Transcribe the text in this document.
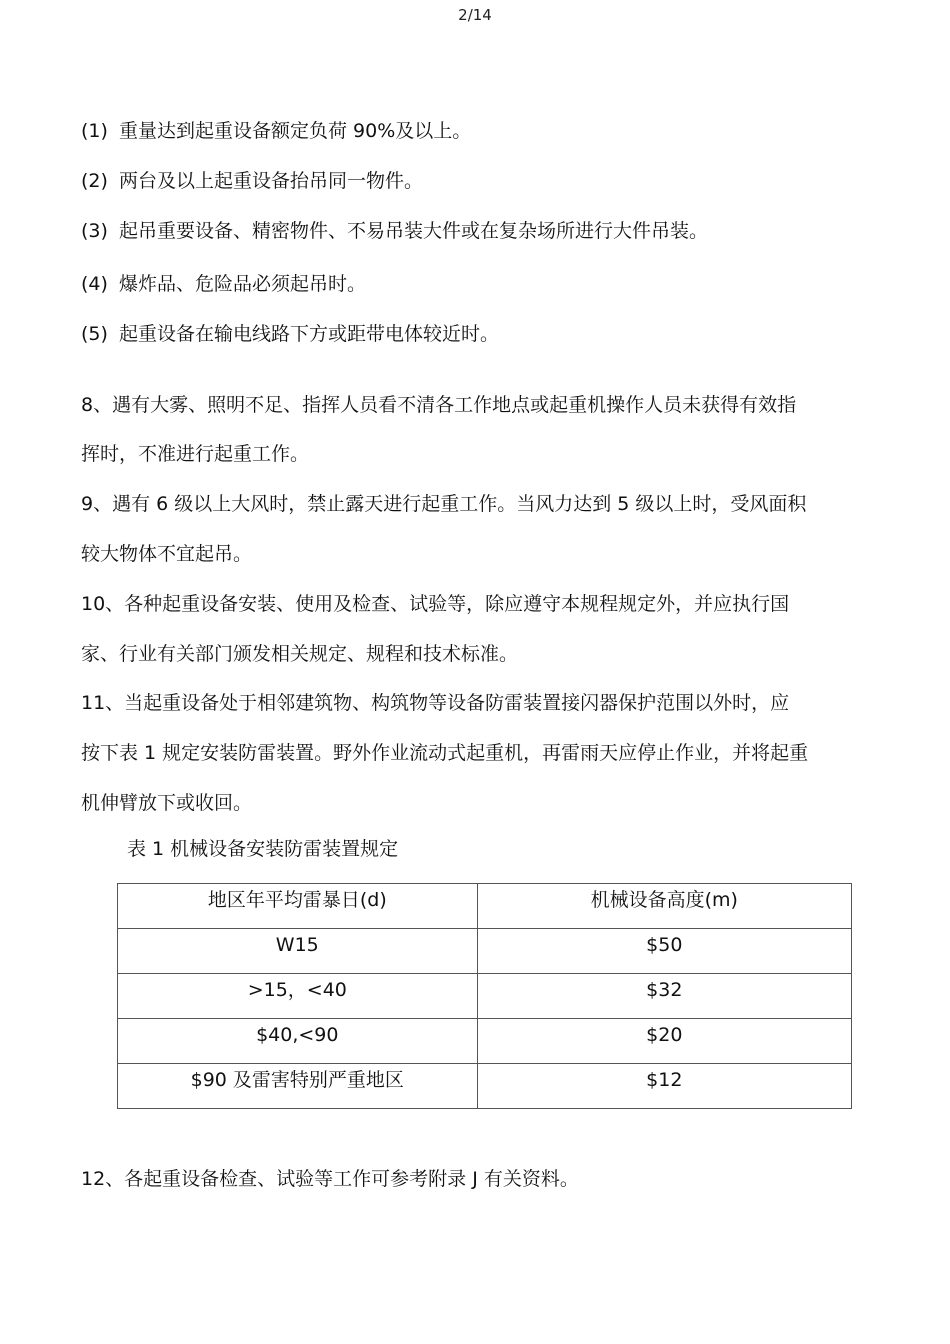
2/14
(1) 重量达到起重设备额定负荷 90%及以上。
(2) 两台及以上起重设备抬吊同一物件。
(3) 起吊重要设备、精密物件、不易吊装大件或在复杂场所进行大件吊装。
(4) 爆炸品、危险品必须起吊时。
(5) 起重设备在输电线路下方或距带电体较近时。
8、遇有大雾、照明不足、指挥人员看不清各工作地点或起重机操作人员未获得有效指
挥时，不准进行起重工作。
9、遇有 6 级以上大风时，禁止露天进行起重工作。当风力达到 5 级以上时，受风面积
较大物体不宜起吊。
10、各种起重设备安装、使用及检查、试验等，除应遵守本规程规定外，并应执行国
家、行业有关部门颁发相关规定、规程和技术标准。
11、当起重设备处于相邻建筑物、构筑物等设备防雷装置接闪器保护范围以外时，应
按下表 1 规定安装防雷装置。野外作业流动式起重机，再雷雨天应停止作业，并将起重
机伸臂放下或收回。
表 1 机械设备安装防雷装置规定
地区年平均雷暴日(d)	机械设备高度(m)

W15	$50

>15，<40	$32

$40,<90	$20

$90 及雷害特别严重地区	$12
12、各起重设备检查、试验等工作可参考附录 J 有关资料。
